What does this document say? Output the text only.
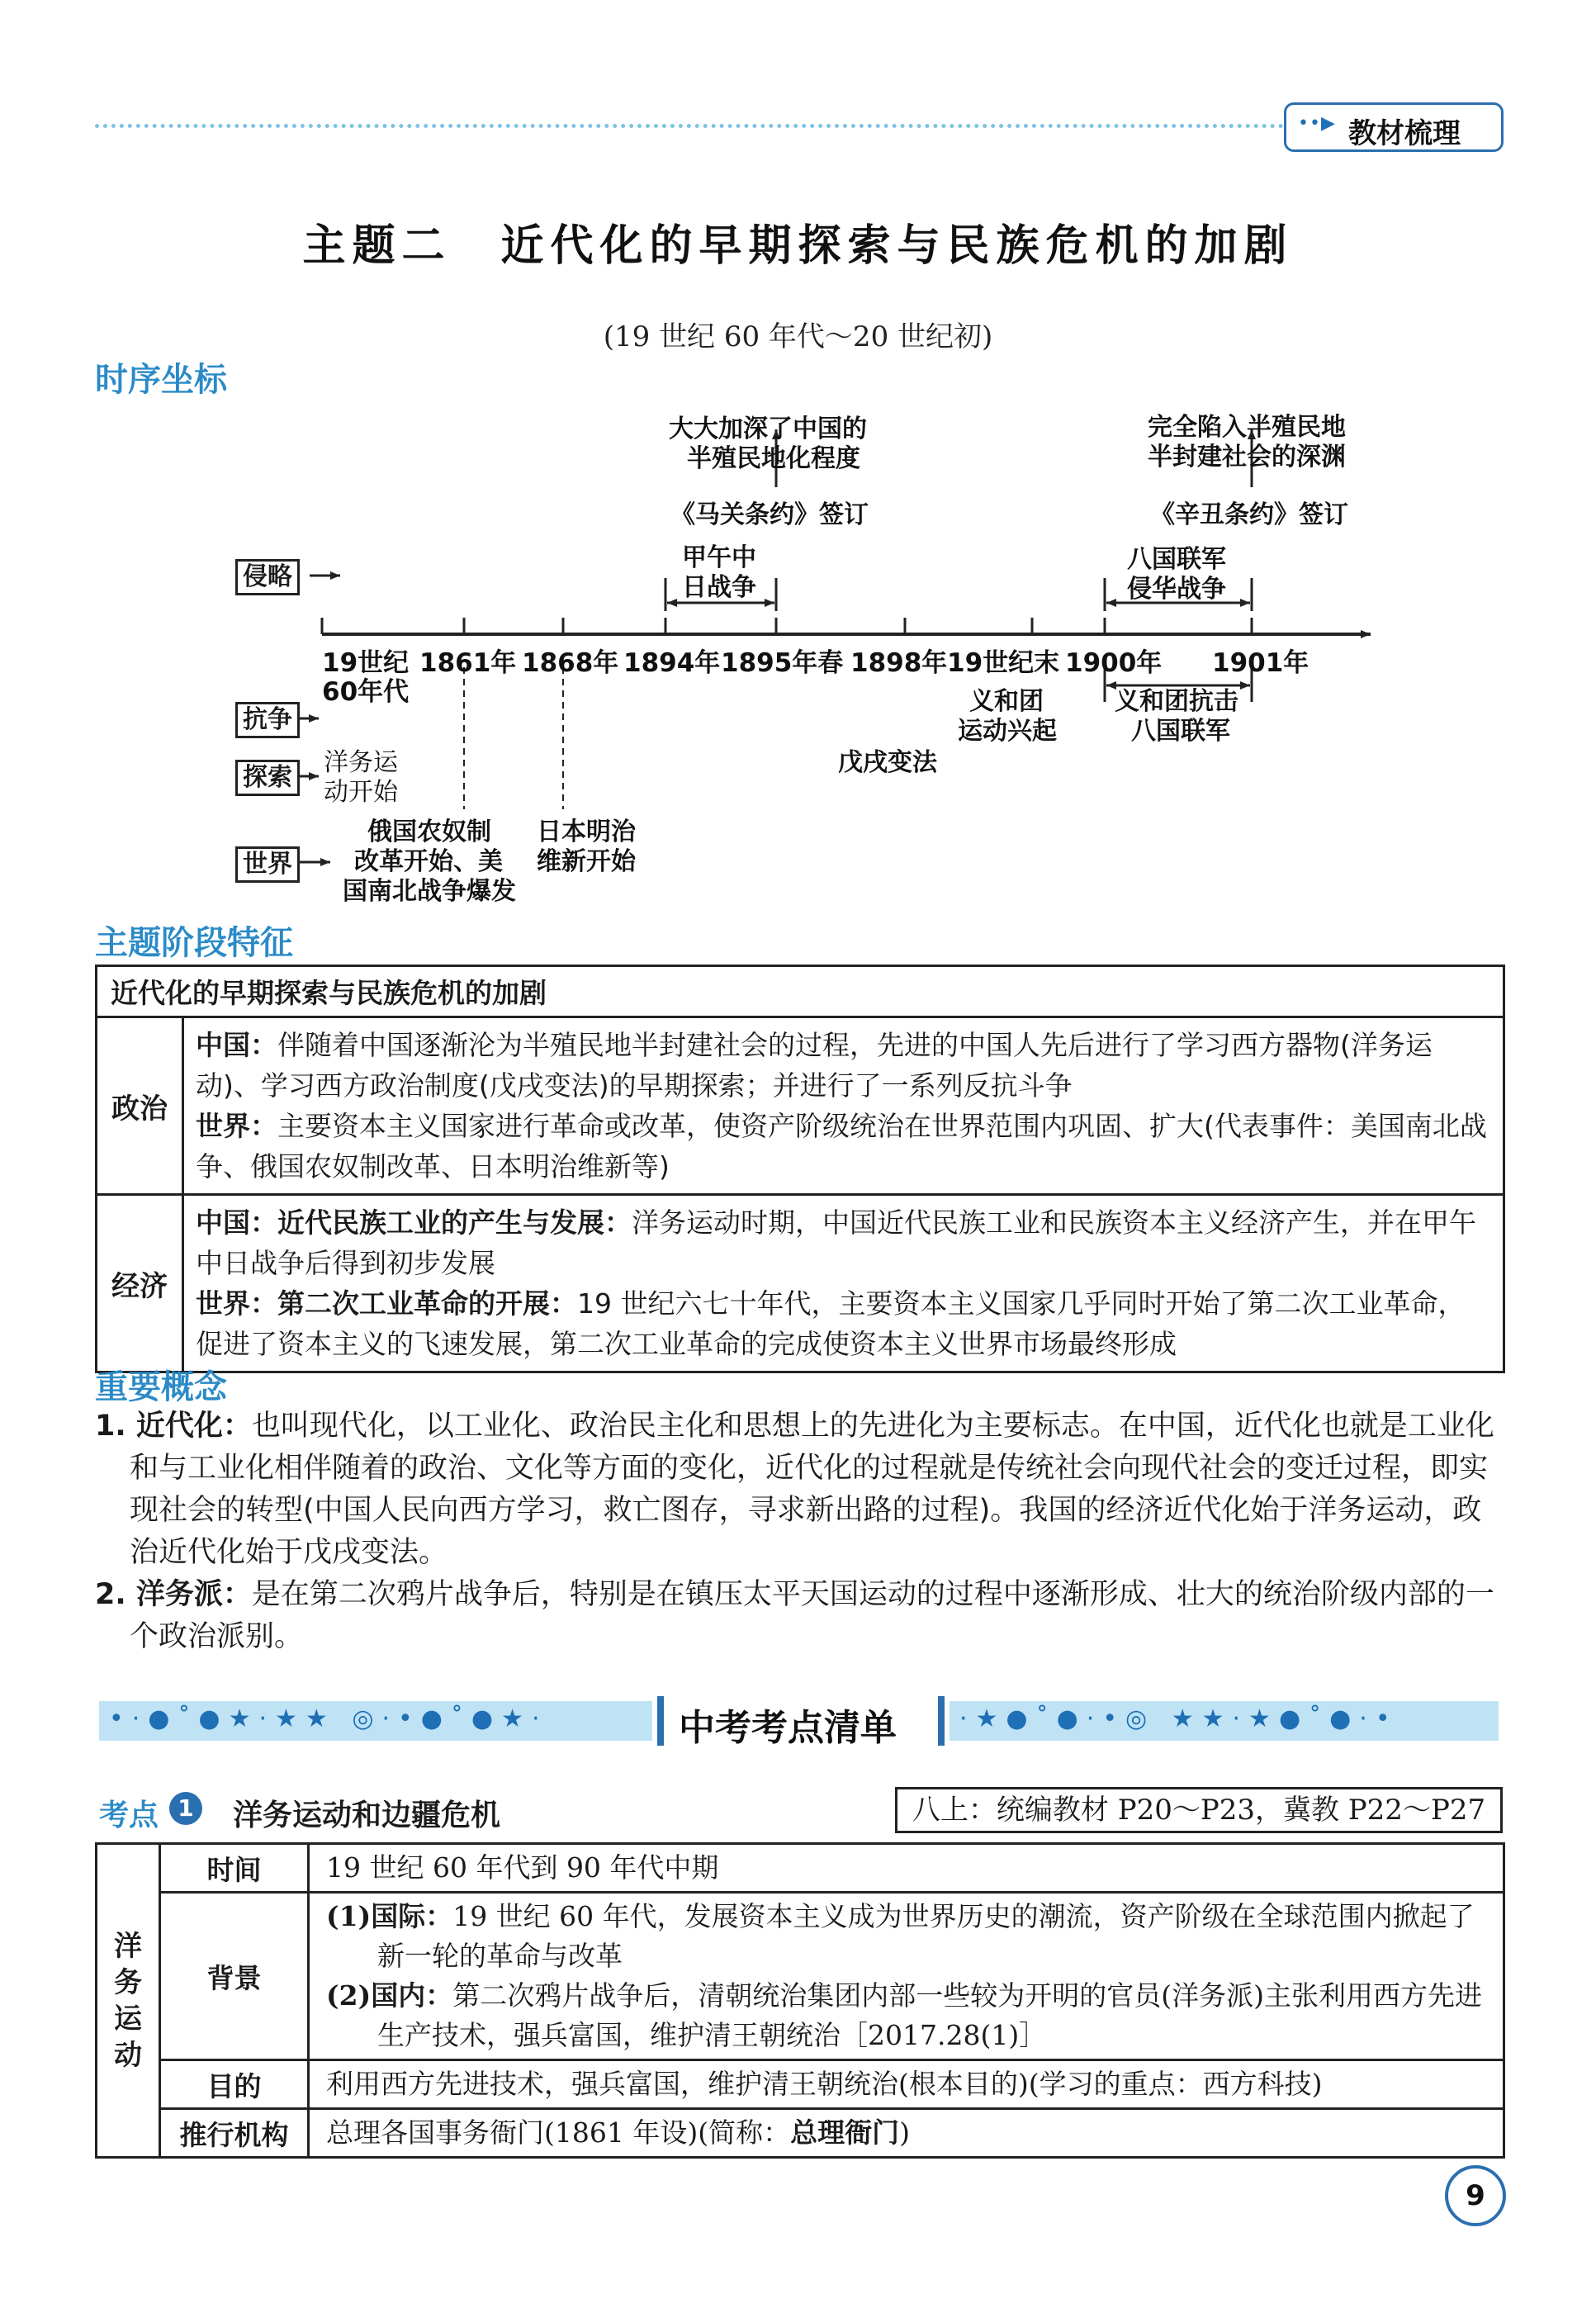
••▶ 教材梳理
主题二　近代化的早期探索与民族危机的加剧
(19 世纪 60 年代～20 世纪初)
时序坐标
侵略
抗争
探索
世界
19世纪
60年代
1861年 1868年 1894年 1895年春 1898年 19世纪末 1900年 1901年
大大加深了中国的
半殖民地化程度
《马关条约》签订
甲午中
日战争
完全陷入半殖民地
半封建社会的深渊
《辛丑条约》签订
八国联军
侵华战争
洋务运
动开始
义和团
运动兴起
戊戌变法
义和团抗击
八国联军
俄国农奴制
改革开始、美
国南北战争爆发
日本明治
维新开始
主题阶段特征
近代化的早期探索与民族危机的加剧	
政治	中国：伴随着中国逐渐沦为半殖民地半封建社会的过程，先进的中国人先后进行了学习西方器物(洋务运动)、学习西方政治制度(戊戌变法)的早期探索；并进行了一系列反抗斗争
世界：主要资本主义国家进行革命或改革，使资产阶级统治在世界范围内巩固、扩大(代表事件：美国南北战争、俄国农奴制改革、日本明治维新等)

经济	中国：近代民族工业的产生与发展：洋务运动时期，中国近代民族工业和民族资本主义经济产生，并在甲午中日战争后得到初步发展
世界：第二次工业革命的开展：19 世纪六七十年代，主要资本主义国家几乎同时开始了第二次工业革命，促进了资本主义的飞速发展，第二次工业革命的完成使资本主义世界市场最终形成
重要概念

1. 近代化：也叫现代化，以工业化、政治民主化和思想上的先进化为主要标志。在中国，近代化也就是工业化和与工业化相伴随着的政治、文化等方面的变化，近代化的过程就是传统社会向现代社会的变迁过程，即实现社会的转型(中国人民向西方学习，救亡图存，寻求新出路的过程)。我国的经济近代化始于洋务运动，政治近代化始于戊戌变法。

2. 洋务派：是在第二次鸦片战争后，特别是在镇压太平天国运动的过程中逐渐形成、壮大的统治阶级内部的一个政治派别。

•·●˚●★·★★ ◎·•●˚●★·	·★●˚●·•◎ ★★·★●˚●·•
中考考点清单
考点 1 洋务运动和边疆危机	八上：统编教材 P20～P23，冀教 P22～P27
洋务运动	时间	19 世纪 60 年代到 90 年代中期
	背景	(1)国际：19 世纪 60 年代，发展资本主义成为世界历史的潮流，资产阶级在全球范围内掀起了新一轮的革命与改革

(2)国内：第二次鸦片战争后，清朝统治集团内部一些较为开明的官员(洋务派)主张利用西方先进生产技术，强兵富国，维护清王朝统治［2017.28(1)］

	目的	利用西方先进技术，强兵富国，维护清王朝统治(根本目的)(学习的重点：西方科技)
	推行机构	总理各国事务衙门(1861 年设)(简称：总理衙门)
9
